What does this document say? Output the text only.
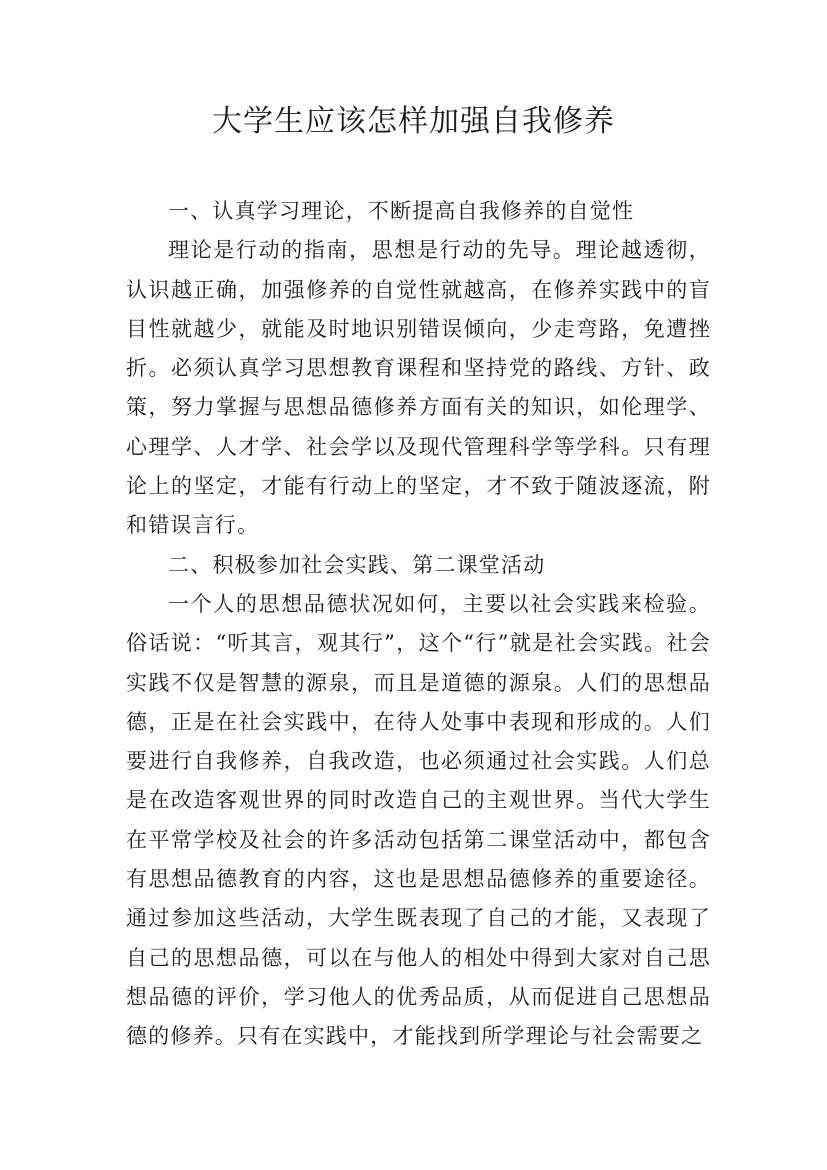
大学生应该怎样加强自我修养

一、认真学习理论，不断提高自我修养的自觉性

理论是行动的指南，思想是行动的先导。理论越透彻，认识越正确，加强修养的自觉性就越高，在修养实践中的盲目性就越少，就能及时地识别错误倾向，少走弯路，免遭挫折。必须认真学习思想教育课程和坚持党的路线、方针、政策，努力掌握与思想品德修养方面有关的知识，如伦理学、心理学、人才学、社会学以及现代管理科学等学科。只有理论上的坚定，才能有行动上的坚定，才不致于随波逐流，附和错误言行。

二、积极参加社会实践、第二课堂活动

一个人的思想品德状况如何，主要以社会实践来检验。俗话说：“听其言，观其行”，这个“行”就是社会实践。社会实践不仅是智慧的源泉，而且是道德的源泉。人们的思想品德，正是在社会实践中，在待人处事中表现和形成的。人们要进行自我修养，自我改造，也必须通过社会实践。人们总是在改造客观世界的同时改造自己的主观世界。当代大学生在平常学校及社会的许多活动包括第二课堂活动中，都包含有思想品德教育的内容，这也是思想品德修养的重要途径。通过参加这些活动，大学生既表现了自己的才能，又表现了自己的思想品德，可以在与他人的相处中得到大家对自己思想品德的评价，学习他人的优秀品质，从而促进自己思想品德的修养。只有在实践中，才能找到所学理论与社会需要之
